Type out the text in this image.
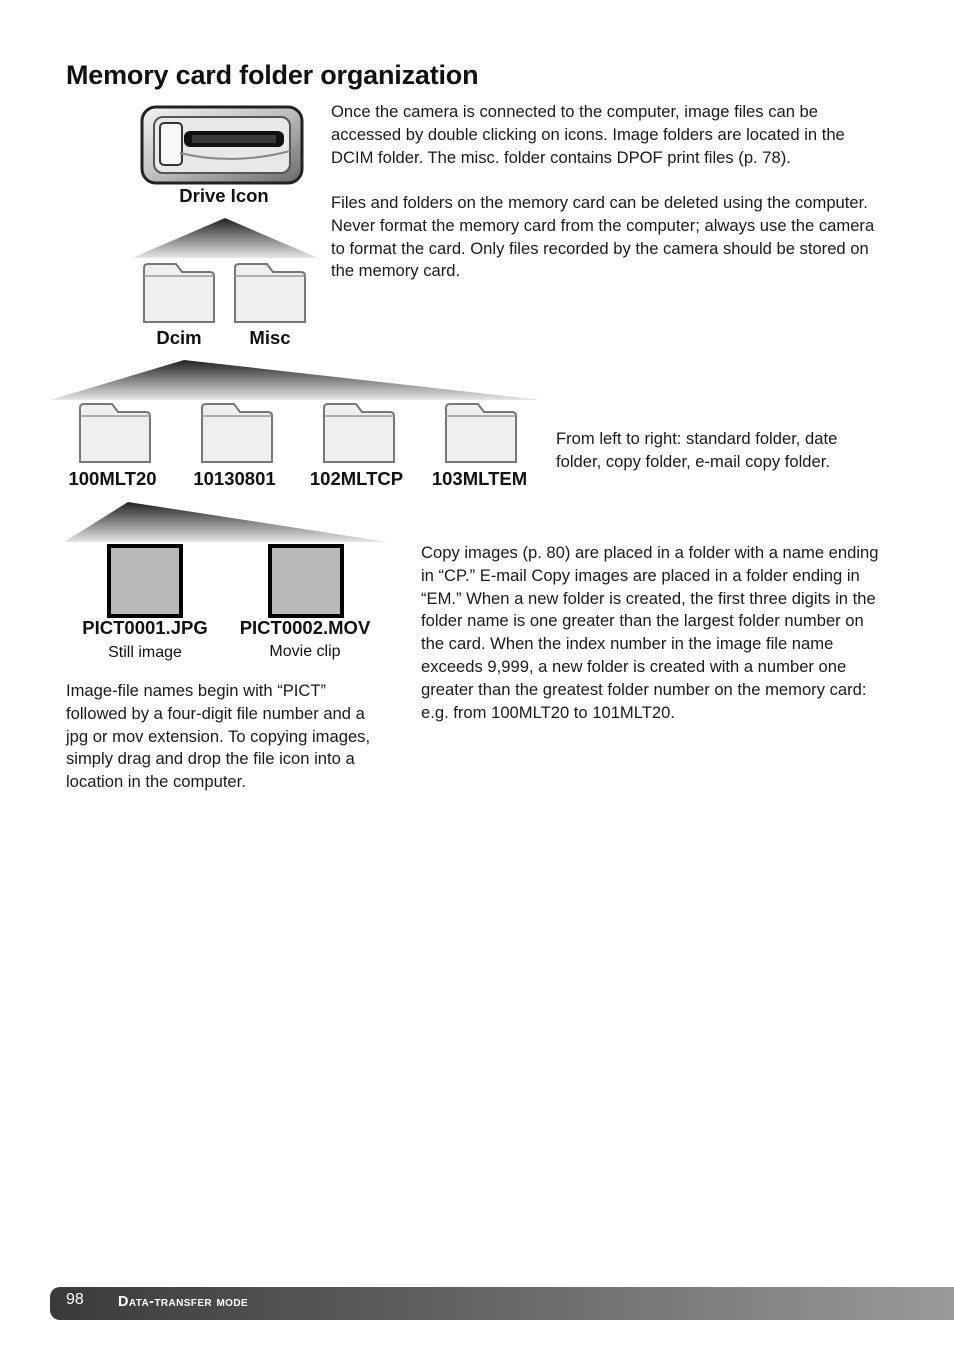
Memory card folder organization
Drive Icon
Dcim	Misc
100MLT20	10130801	102MLTCP	103MLTEM
From left to right: standard folder, date folder, copy folder, e-mail copy folder.
PICT0001.JPG	PICT0002.MOV
Still image	Movie clip
Once the camera is connected to the computer, image files can be accessed by double clicking on icons. Image folders are located in the DCIM folder. The misc. folder contains DPOF print files (p. 78).
Files and folders on the memory card can be deleted using the computer. Never format the memory card from the computer; always use the camera to format the card. Only files recorded by the camera should be stored on the memory card.
Copy images (p. 80) are placed in a folder with a name ending in “CP.” E-mail Copy images are placed in a folder ending in “EM.” When a new folder is created, the first three digits in the folder name is one greater than the largest folder number on the card. When the index number in the image file name exceeds 9,999, a new folder is created with a number one greater than the greatest folder number on the memory card: e.g. from 100MLT20 to 101MLT20.
Image-file names begin with “PICT” followed by a four-digit file number and a jpg or mov extension. To copying images, simply drag and drop the file icon into a location in the computer.
98 Data-transfer mode
